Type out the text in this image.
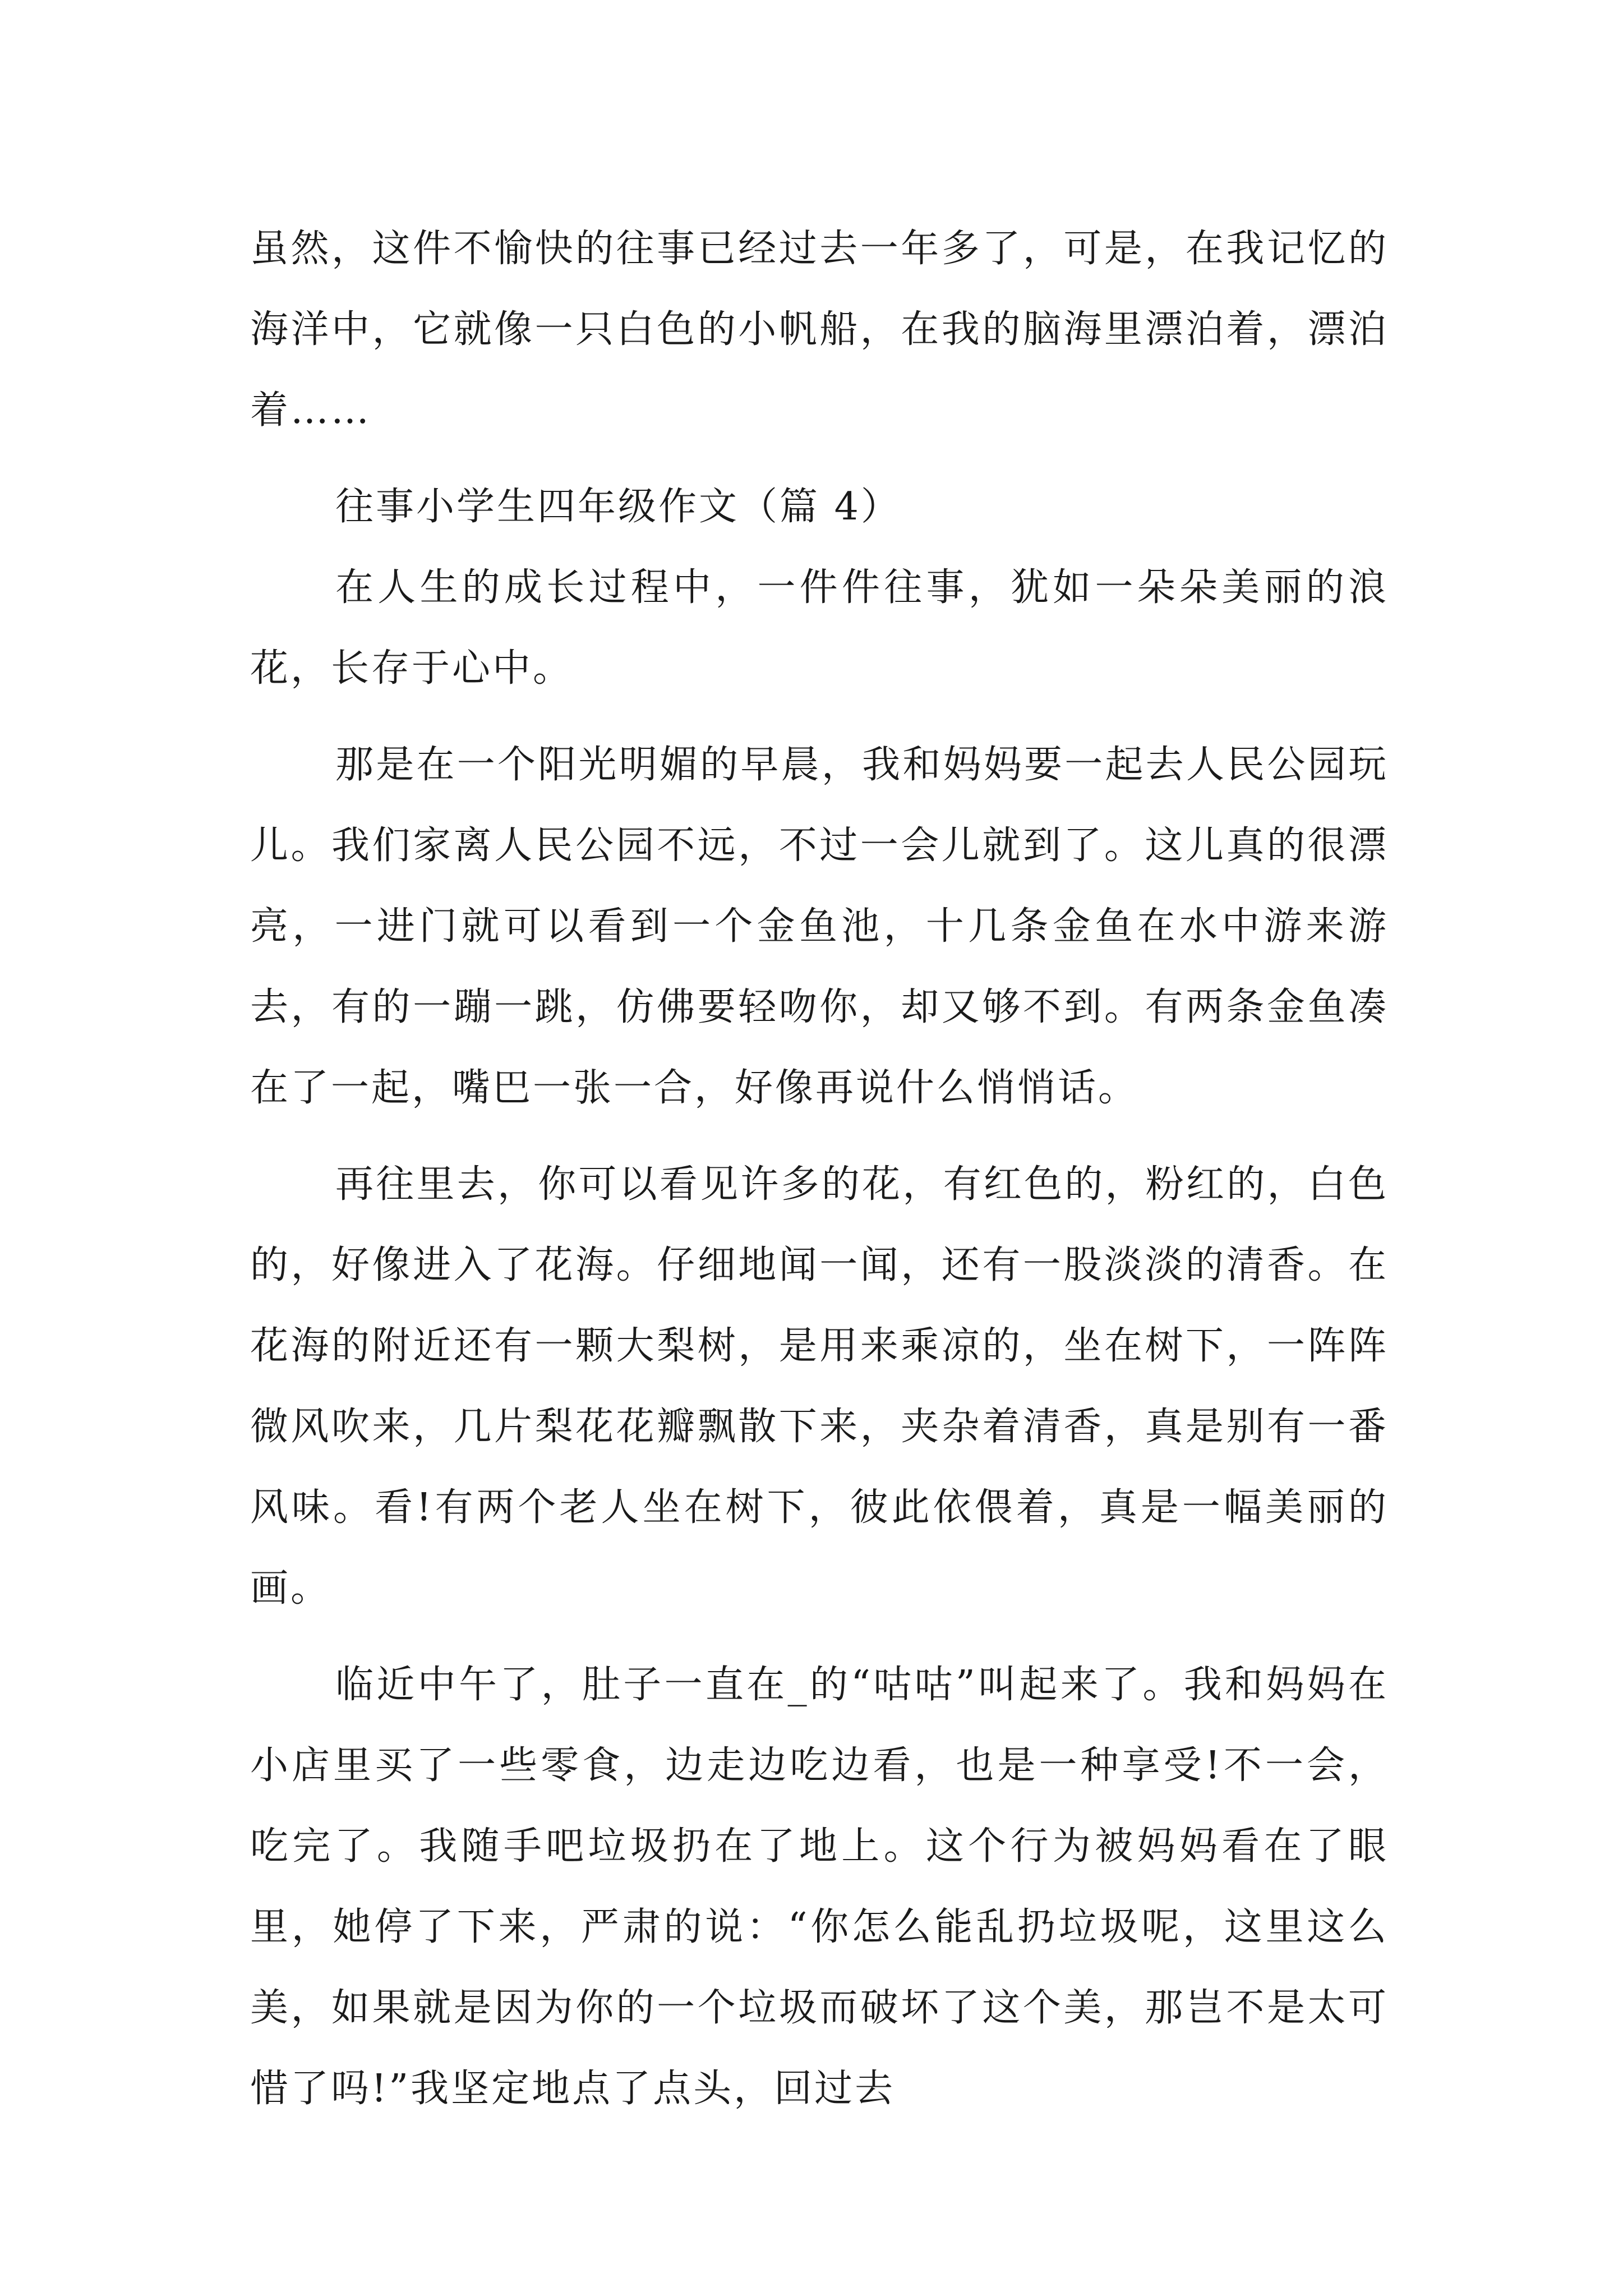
虽然，这件不愉快的往事已经过去一年多了，可是，在我记忆的海洋中，它就像一只白色的小帆船，在我的脑海里漂泊着，漂泊着……

往事小学生四年级作文（篇 4）

在人生的成长过程中，一件件往事，犹如一朵朵美丽的浪花，长存于心中。

那是在一个阳光明媚的早晨，我和妈妈要一起去人民公园玩儿。我们家离人民公园不远，不过一会儿就到了。这儿真的很漂亮，一进门就可以看到一个金鱼池，十几条金鱼在水中游来游去，有的一蹦一跳，仿佛要轻吻你，却又够不到。有两条金鱼凑在了一起，嘴巴一张一合，好像再说什么悄悄话。

再往里去，你可以看见许多的花，有红色的，粉红的，白色的，好像进入了花海。仔细地闻一闻，还有一股淡淡的清香。在花海的附近还有一颗大梨树，是用来乘凉的，坐在树下，一阵阵微风吹来，几片梨花花瓣飘散下来，夹杂着清香，真是别有一番风味。看!有两个老人坐在树下，彼此依偎着，真是一幅美丽的画。

临近中午了，肚子一直在_的“咕咕”叫起来了。我和妈妈在小店里买了一些零食，边走边吃边看，也是一种享受!不一会，吃完了。我随手吧垃圾扔在了地上。这个行为被妈妈看在了眼里，她停了下来，严肃的说：“你怎么能乱扔垃圾呢，这里这么美，如果就是因为你的一个垃圾而破坏了这个美，那岂不是太可惜了吗!”我坚定地点了点头，回过去
